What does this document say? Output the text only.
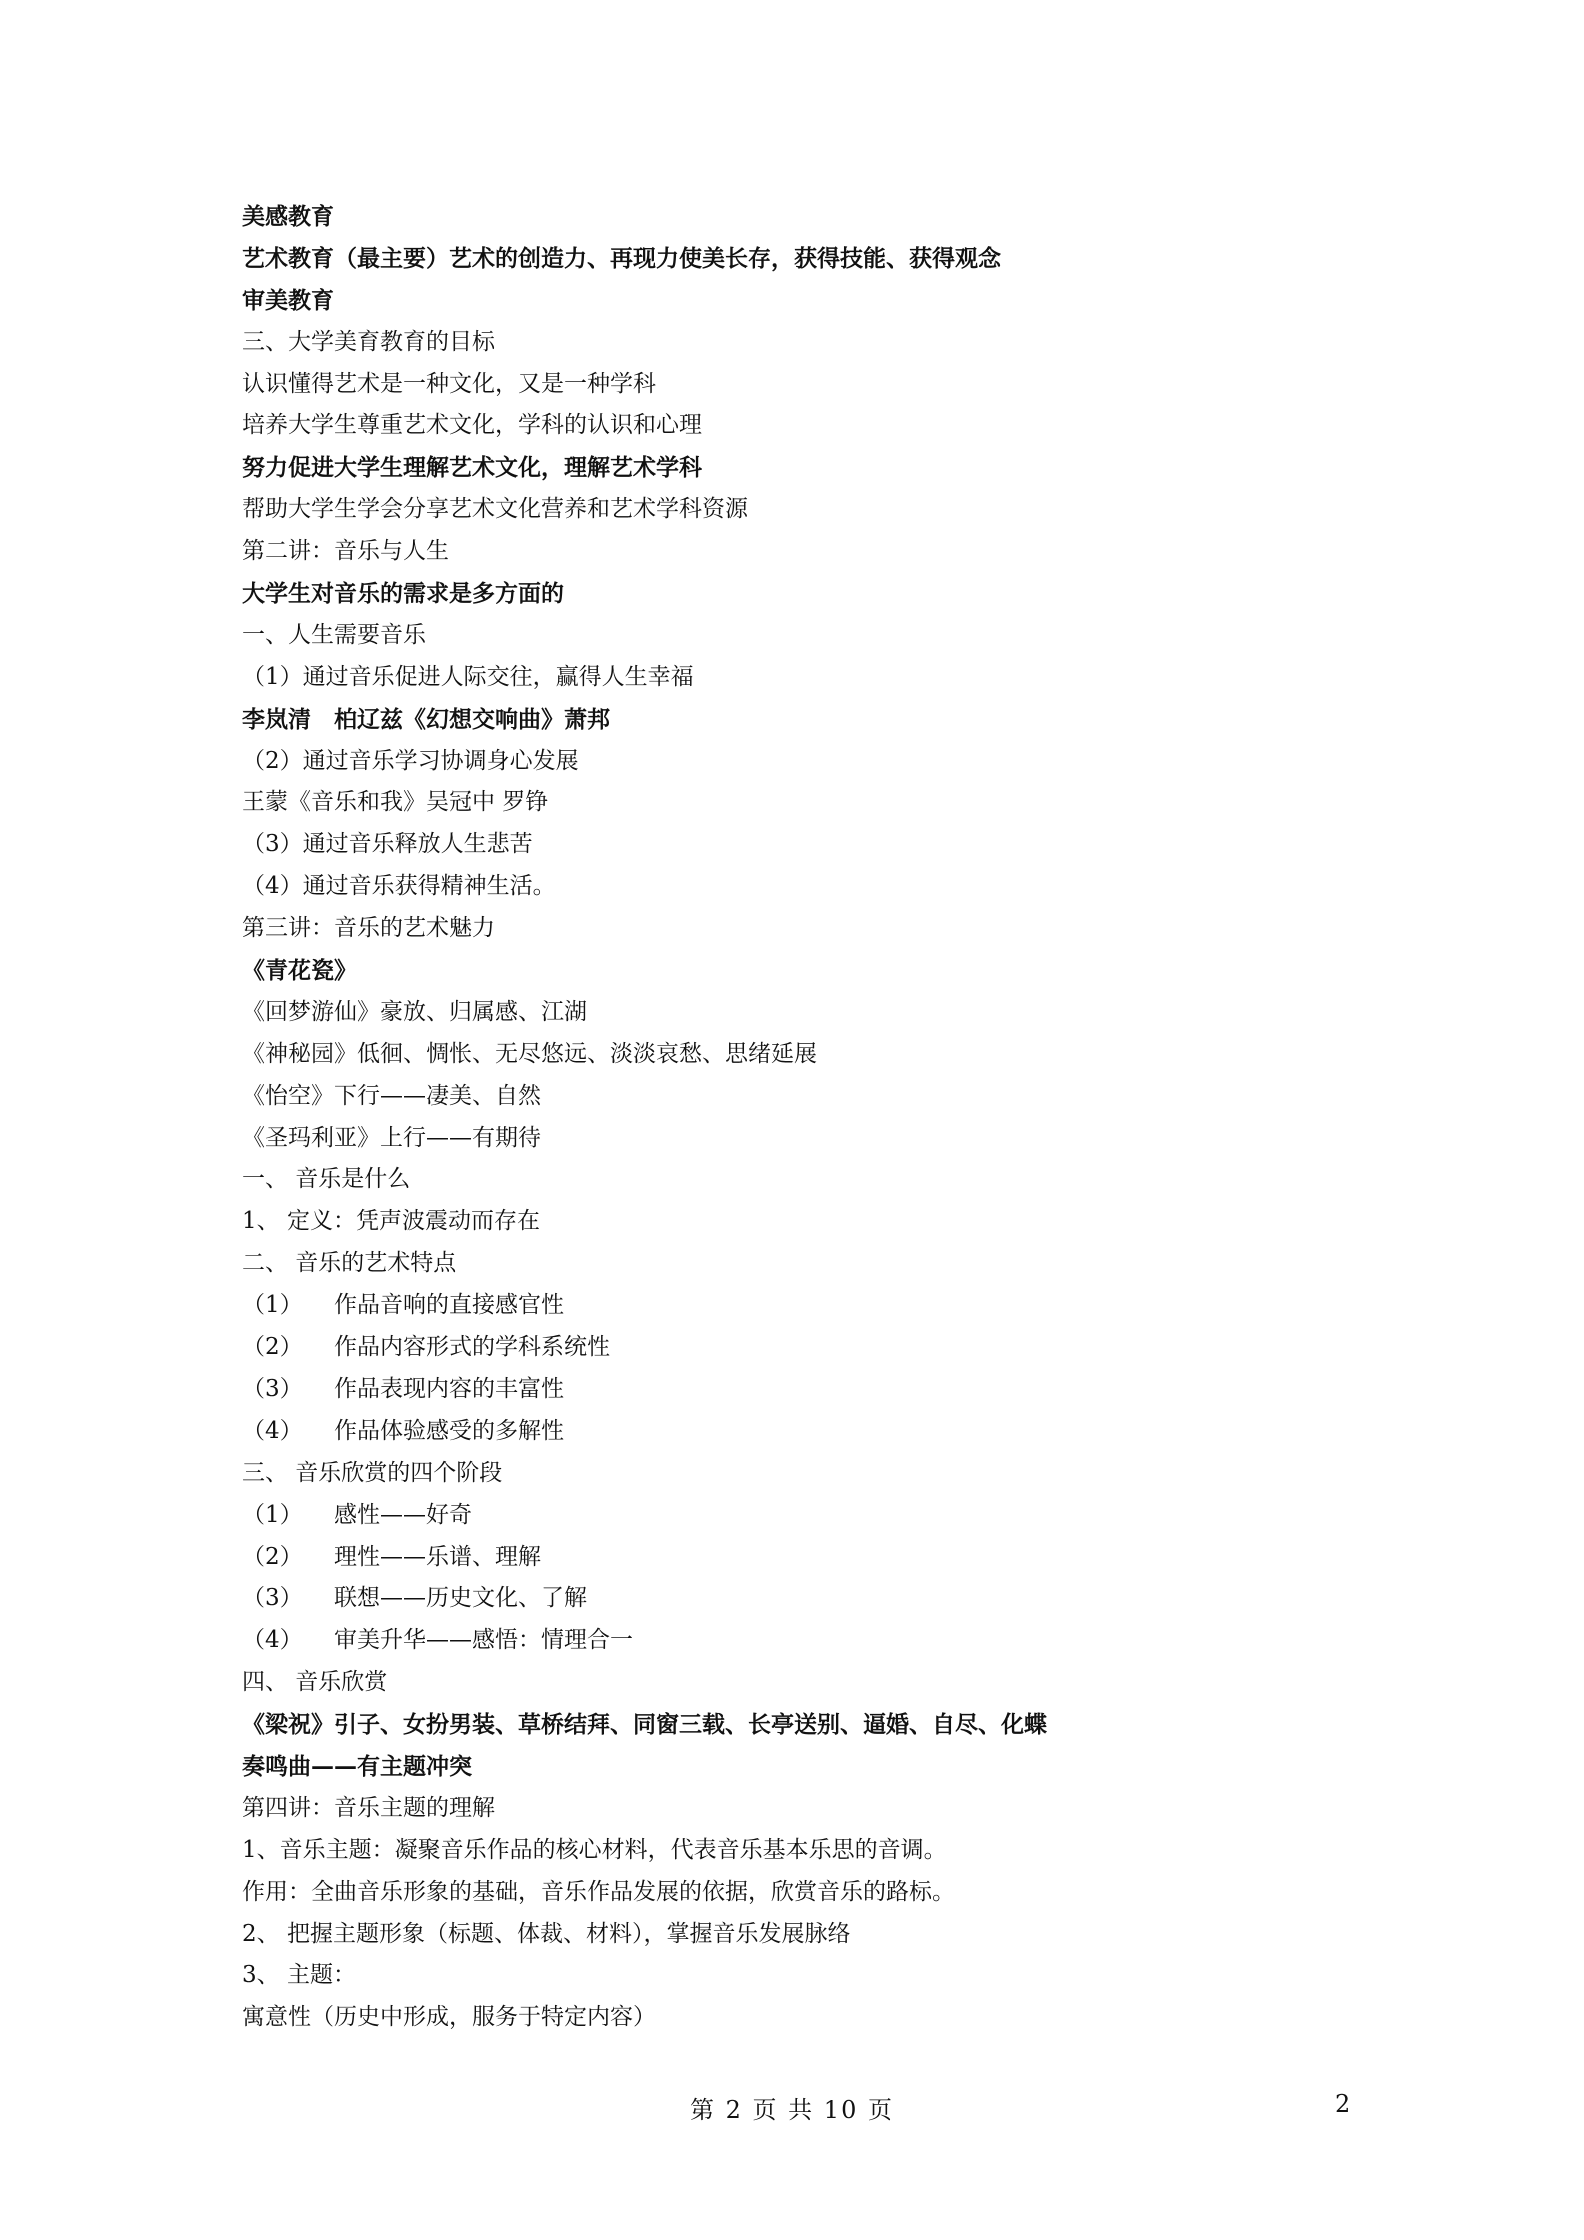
美感教育
艺术教育（最主要）艺术的创造力、再现力使美长存，获得技能、获得观念
审美教育
三、大学美育教育的目标
认识懂得艺术是一种文化，又是一种学科
培养大学生尊重艺术文化，学科的认识和心理
努力促进大学生理解艺术文化，理解艺术学科
帮助大学生学会分享艺术文化营养和艺术学科资源
第二讲：音乐与人生
大学生对音乐的需求是多方面的
一、人生需要音乐
（1）通过音乐促进人际交往，赢得人生幸福
李岚清　柏辽兹《幻想交响曲》萧邦
（2）通过音乐学习协调身心发展
王蒙《音乐和我》吴冠中 罗铮
（3）通过音乐释放人生悲苦
（4）通过音乐获得精神生活。
第三讲：音乐的艺术魅力
《青花瓷》
《回梦游仙》豪放、归属感、江湖
《神秘园》低徊、惆怅、无尽悠远、淡淡哀愁、思绪延展
《怡空》下行——凄美、自然
《圣玛利亚》上行——有期待
一、 音乐是什么
1、 定义：凭声波震动而存在
二、 音乐的艺术特点
（1） 作品音响的直接感官性
（2） 作品内容形式的学科系统性
（3） 作品表现内容的丰富性
（4） 作品体验感受的多解性
三、 音乐欣赏的四个阶段
（1） 感性——好奇
（2） 理性——乐谱、理解
（3） 联想——历史文化、了解
（4） 审美升华——感悟：情理合一
四、 音乐欣赏
《梁祝》引子、女扮男装、草桥结拜、同窗三载、长亭送别、逼婚、自尽、化蝶
奏鸣曲——有主题冲突
第四讲：音乐主题的理解
1、音乐主题：凝聚音乐作品的核心材料，代表音乐基本乐思的音调。
作用：全曲音乐形象的基础，音乐作品发展的依据，欣赏音乐的路标。
2、 把握主题形象（标题、体裁、材料），掌握音乐发展脉络
3、 主题：
寓意性（历史中形成，服务于特定内容）
第 2 页 共 10 页	2
